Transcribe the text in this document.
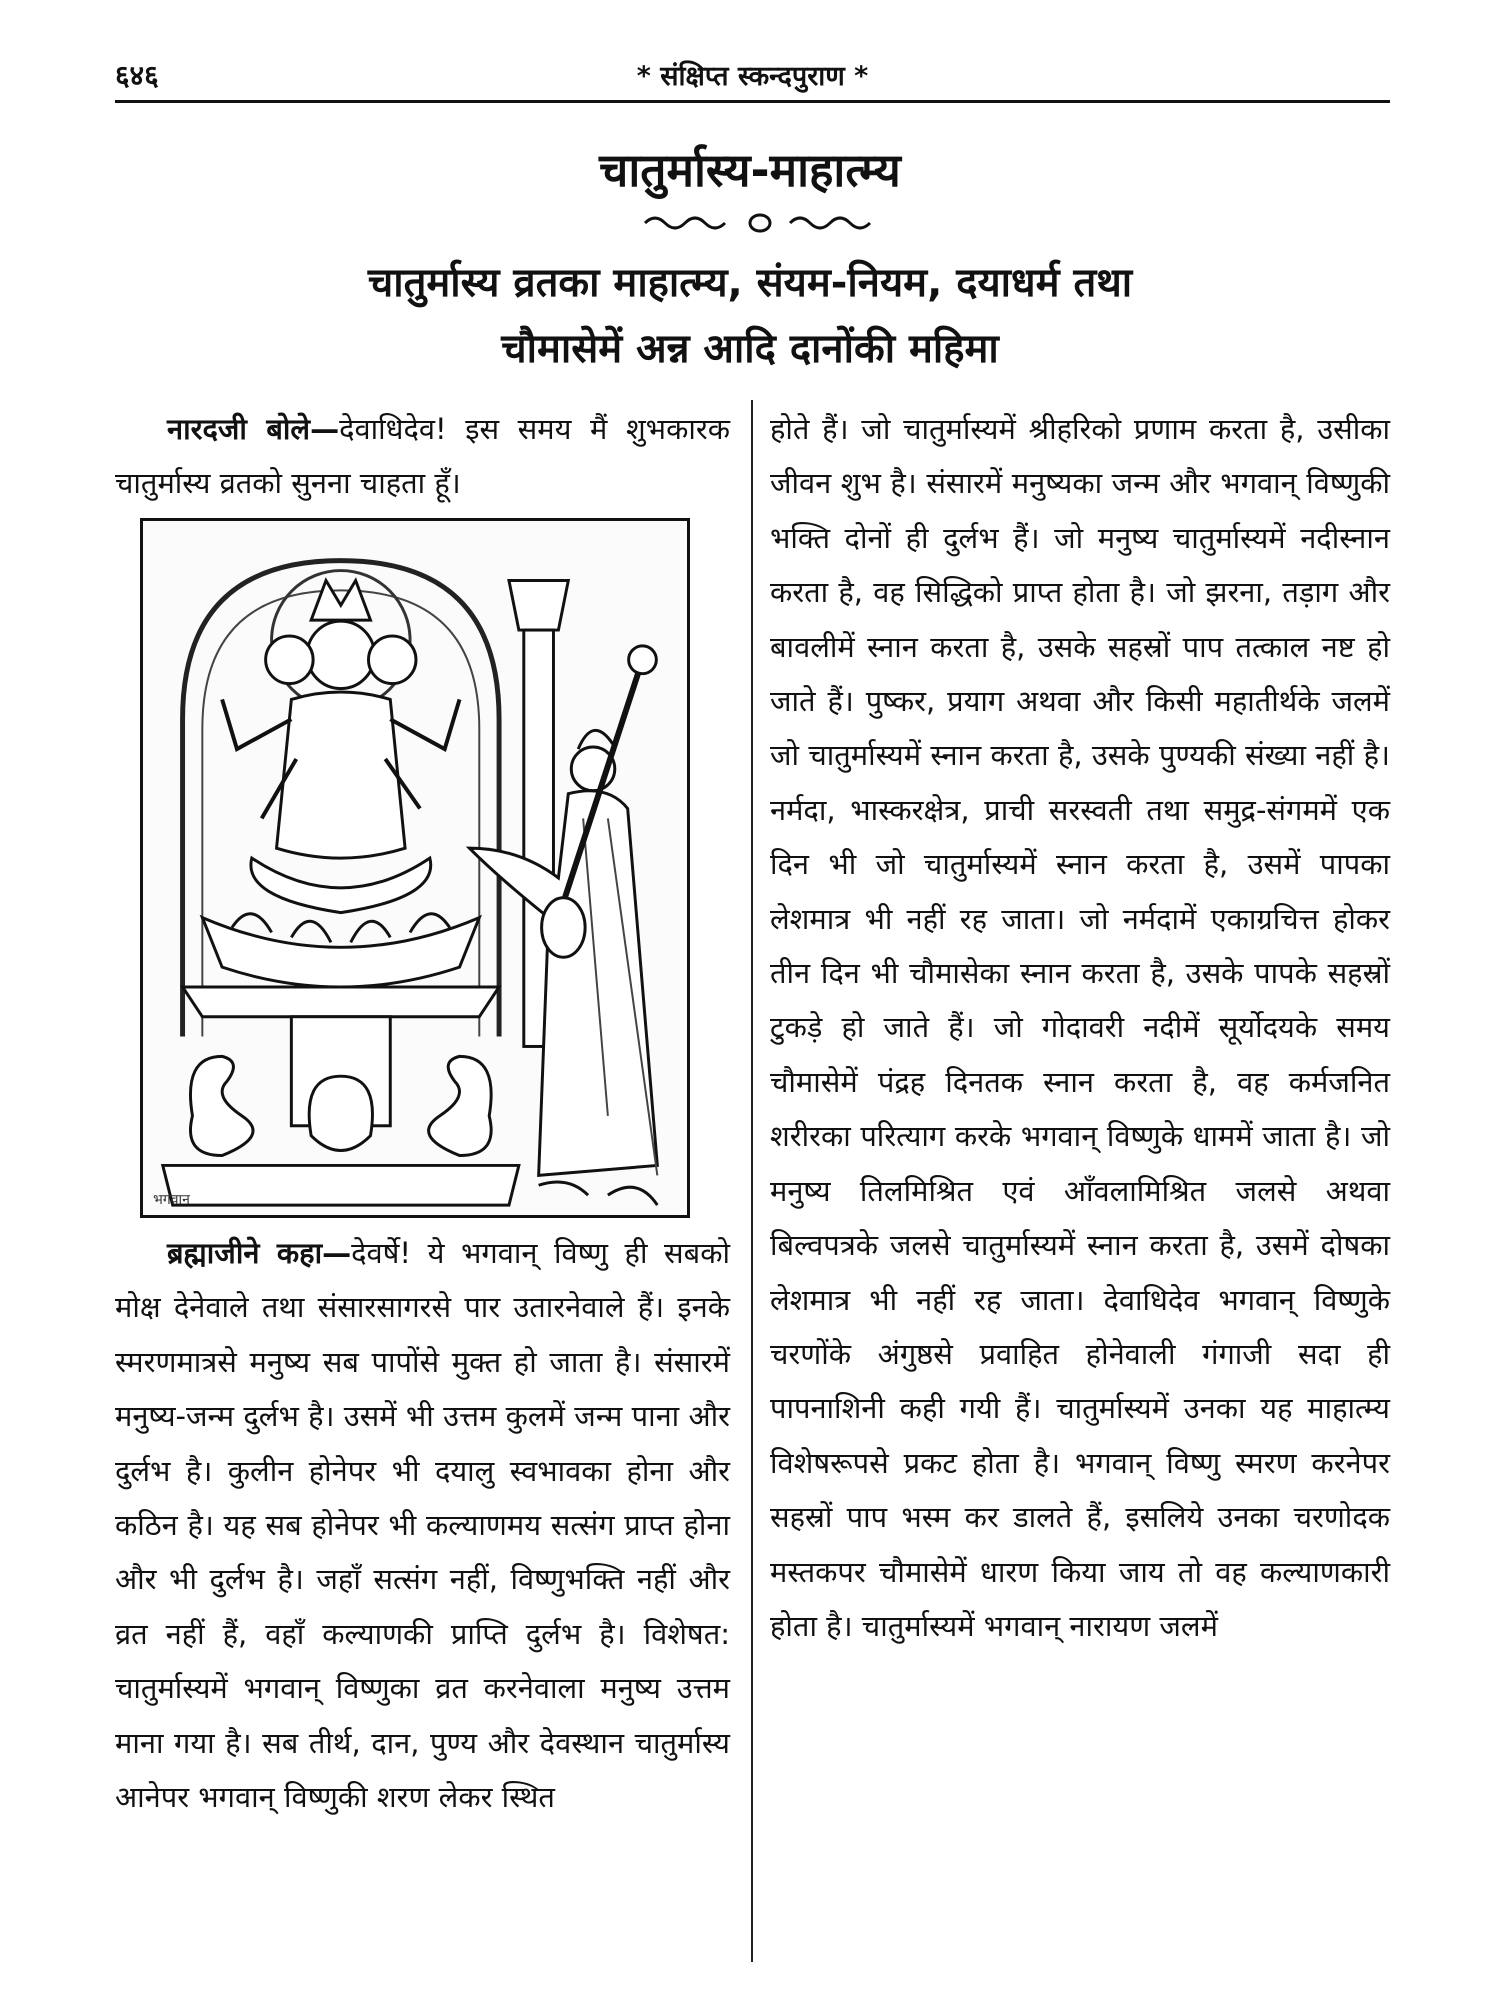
६४६	* संक्षिप्त स्कन्दपुराण *
चातुर्मास्य-माहात्म्य
चातुर्मास्य व्रतका माहात्म्य, संयम-नियम, दयाधर्म तथा
चौमासेमें अन्न आदि दानोंकी महिमा

नारदजी बोले—देवाधिदेव! इस समय मैं शुभकारक चातुर्मास्य व्रतको सुनना चाहता हूँ।

भगवान

ब्रह्माजीने कहा—देवर्षे! ये भगवान् विष्णु ही सबको मोक्ष देनेवाले तथा संसारसागरसे पार उतारनेवाले हैं। इनके स्मरणमात्रसे मनुष्य सब पापोंसे मुक्त हो जाता है। संसारमें मनुष्य-जन्म दुर्लभ है। उसमें भी उत्तम कुलमें जन्म पाना और दुर्लभ है। कुलीन होनेपर भी दयालु स्वभावका होना और कठिन है। यह सब होनेपर भी कल्याणमय सत्संग प्राप्त होना और भी दुर्लभ है। जहाँ सत्संग नहीं, विष्णुभक्ति नहीं और व्रत नहीं हैं, वहाँ कल्याणकी प्राप्ति दुर्लभ है। विशेषत: चातुर्मास्यमें भगवान् विष्णुका व्रत करनेवाला मनुष्य उत्तम माना गया है। सब तीर्थ, दान, पुण्य और देवस्थान चातुर्मास्य आनेपर भगवान् विष्णुकी शरण लेकर स्थित

होते हैं। जो चातुर्मास्यमें श्रीहरिको प्रणाम करता है, उसीका जीवन शुभ है। संसारमें मनुष्यका जन्म और भगवान् विष्णुकी भक्ति दोनों ही दुर्लभ हैं। जो मनुष्य चातुर्मास्यमें नदीस्नान करता है, वह सिद्धिको प्राप्त होता है। जो झरना, तड़ाग और बावलीमें स्नान करता है, उसके सहस्रों पाप तत्काल नष्ट हो जाते हैं। पुष्कर, प्रयाग अथवा और किसी महातीर्थके जलमें जो चातुर्मास्यमें स्नान करता है, उसके पुण्यकी संख्या नहीं है। नर्मदा, भास्करक्षेत्र, प्राची सरस्वती तथा समुद्र-संगममें एक दिन भी जो चातुर्मास्यमें स्नान करता है, उसमें पापका लेशमात्र भी नहीं रह जाता। जो नर्मदामें एकाग्रचित्त होकर तीन दिन भी चौमासेका स्नान करता है, उसके पापके सहस्रों टुकड़े हो जाते हैं। जो गोदावरी नदीमें सूर्योदयके समय चौमासेमें पंद्रह दिनतक स्नान करता है, वह कर्मजनित शरीरका परित्याग करके भगवान् विष्णुके धाममें जाता है। जो मनुष्य तिलमिश्रित एवं आँवलामिश्रित जलसे अथवा बिल्वपत्रके जलसे चातुर्मास्यमें स्नान करता है, उसमें दोषका लेशमात्र भी नहीं रह जाता। देवाधिदेव भगवान् विष्णुके चरणोंके अंगुष्ठसे प्रवाहित होनेवाली गंगाजी सदा ही पापनाशिनी कही गयी हैं। चातुर्मास्यमें उनका यह माहात्म्य विशेषरूपसे प्रकट होता है। भगवान् विष्णु स्मरण करनेपर सहस्रों पाप भस्म कर डालते हैं, इसलिये उनका चरणोदक मस्तकपर चौमासेमें धारण किया जाय तो वह कल्याणकारी होता है। चातुर्मास्यमें भगवान् नारायण जलमें
